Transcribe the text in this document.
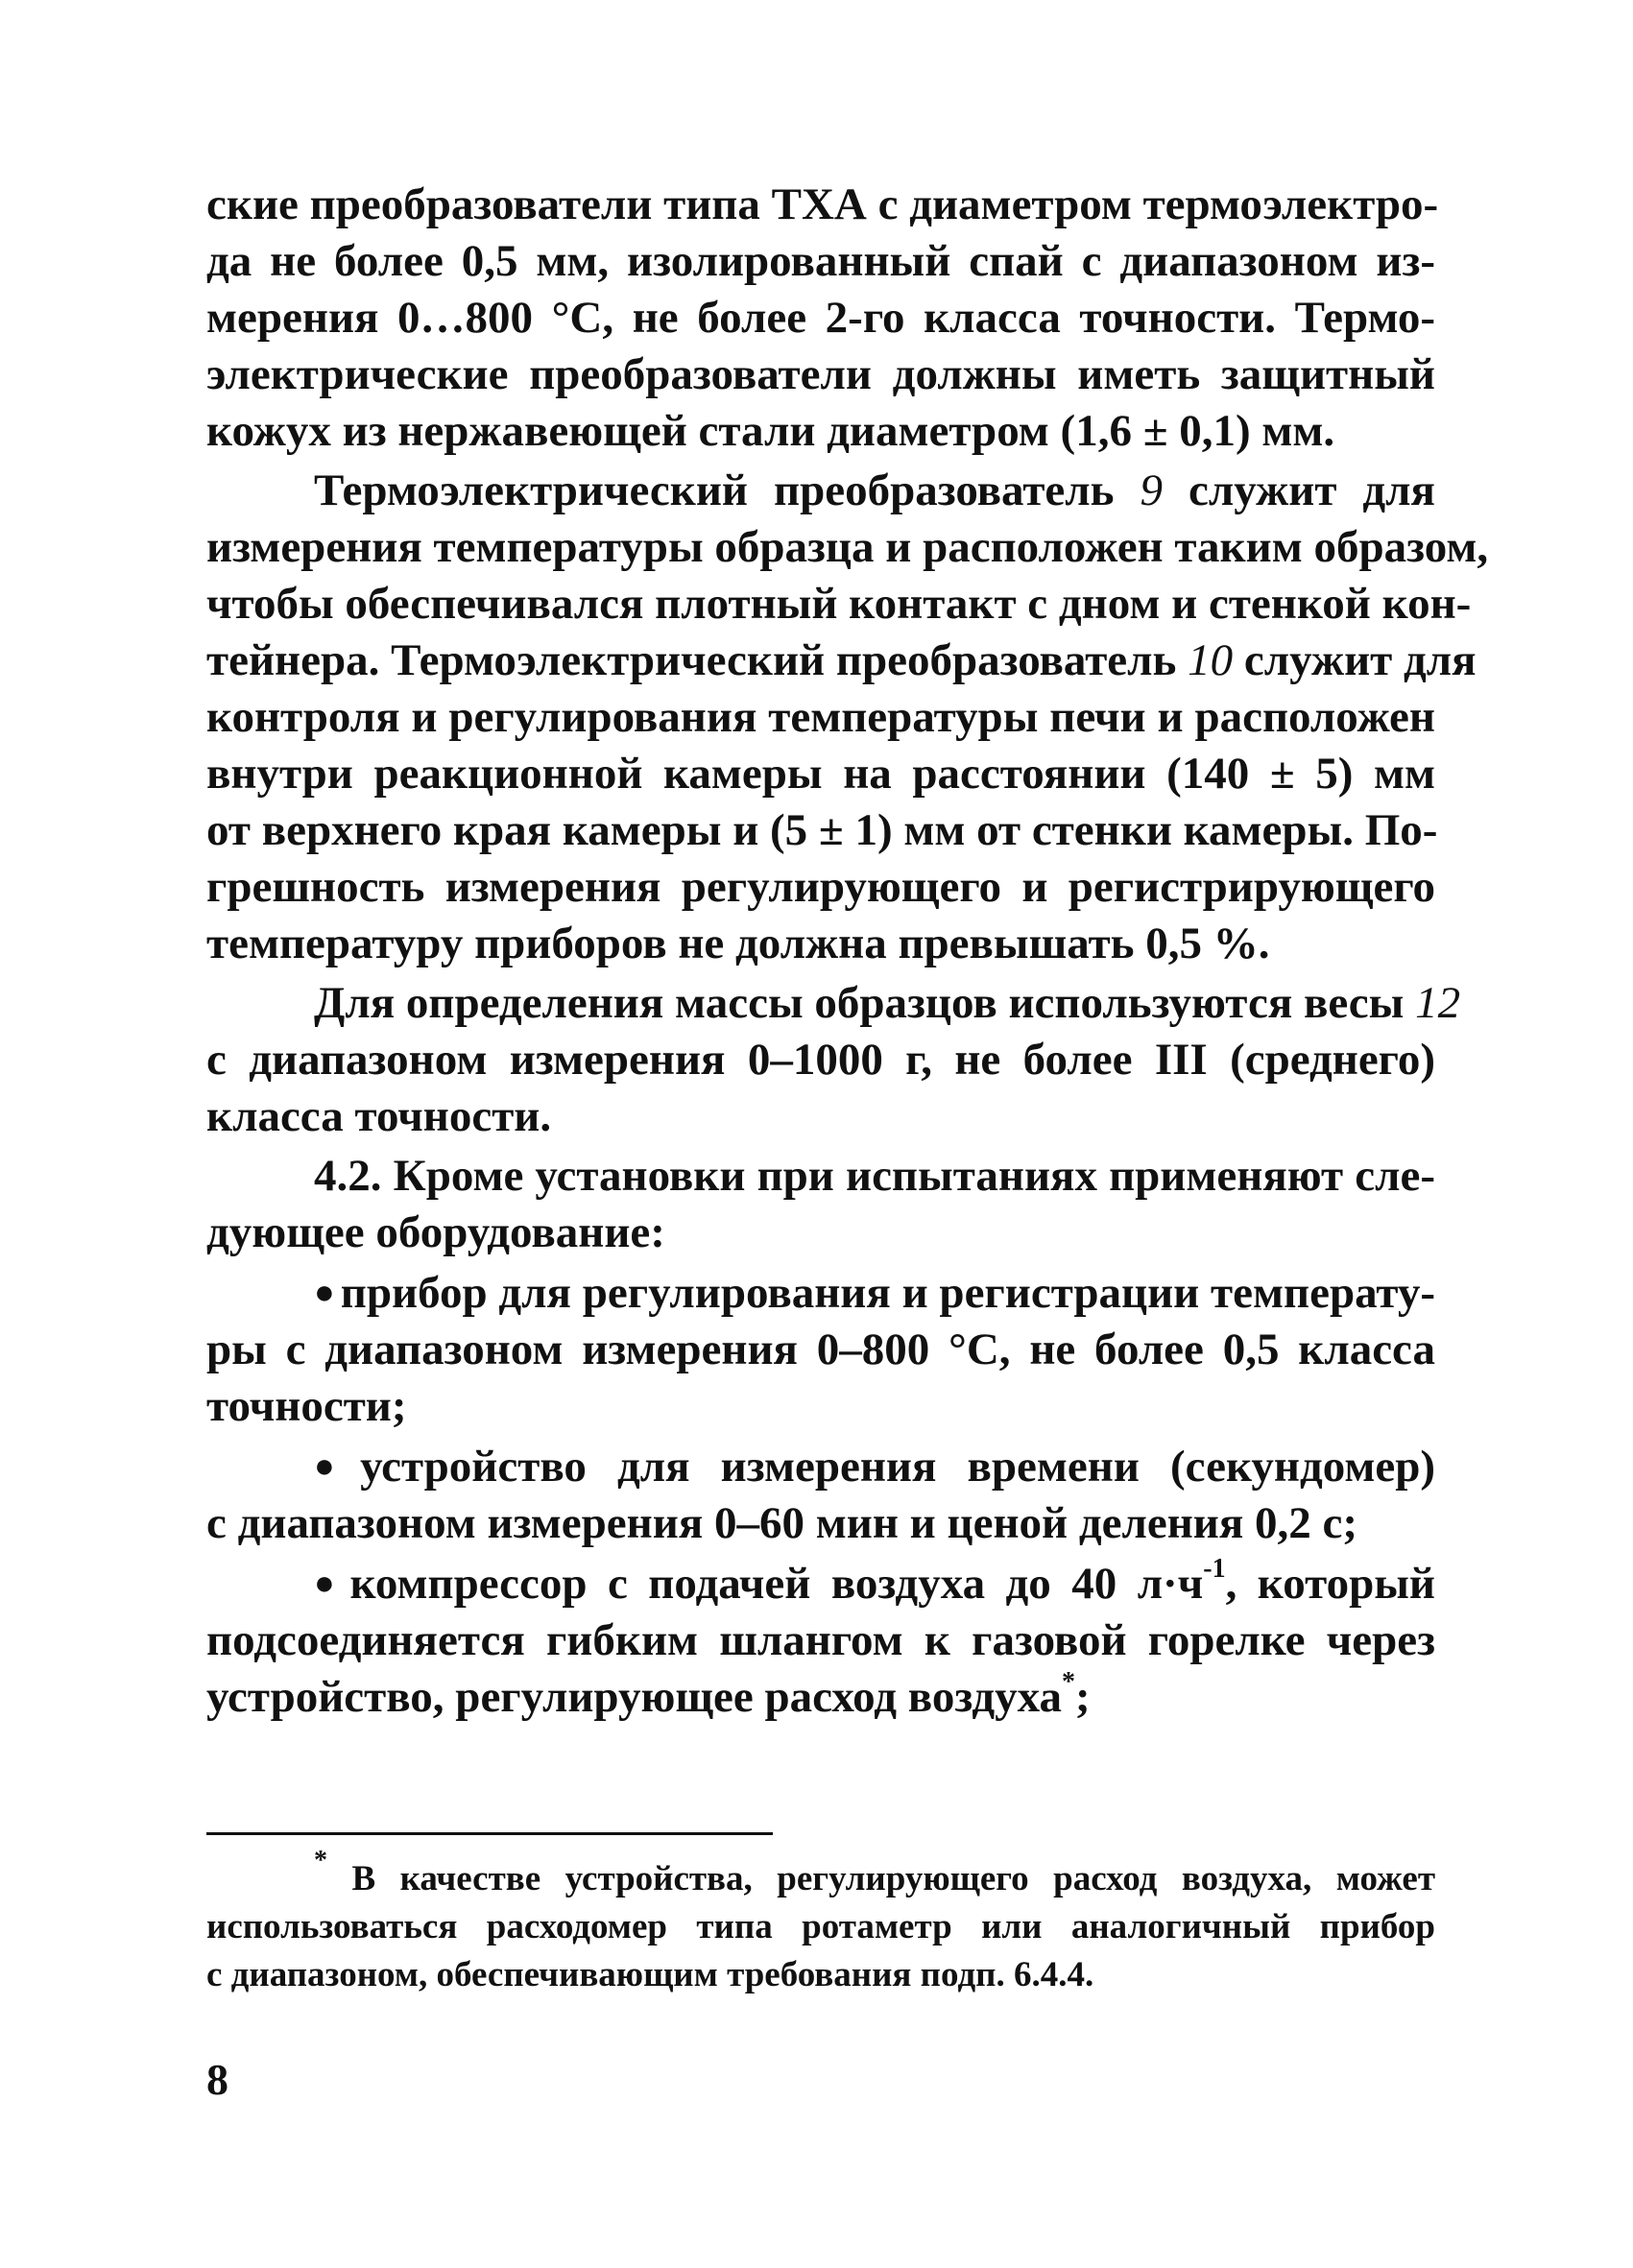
ские преобразователи типа ТХА с диаметром термоэлектро-
да не более 0,5 мм, изолированный спай с диапазоном из-
мерения 0…800 °С, не более 2-го класса точности. Термо-
электрические преобразователи должны иметь защитный
кожух из нержавеющей стали диаметром (1,6 ± 0,1) мм.
Термоэлектрический преобразователь 9 служит для
измерения температуры образца и расположен таким образом,
чтобы обеспечивался плотный контакт с дном и стенкой кон-
тейнера. Термоэлектрический преобразователь 10 служит для
контроля и регулирования температуры печи и расположен
внутри реакционной камеры на расстоянии (140 ± 5) мм
от верхнего края камеры и (5 ± 1) мм от стенки камеры. По-
грешность измерения регулирующего и регистрирующего
температуру приборов не должна превышать 0,5 %.
Для определения массы образцов используются весы 12
с диапазоном измерения 0–1000 г, не более III (среднего)
класса точности.
4.2. Кроме установки при испытаниях применяют сле-
дующее оборудование:
● прибор для регулирования и регистрации температу-
ры с диапазоном измерения 0–800 °С, не более 0,5 класса
точности;
● устройство для измерения времени (секундомер)
с диапазоном измерения 0–60 мин и ценой деления 0,2 с;
● компрессор с подачей воздуха до 40 $л\cdot ч^{-1}$, который
подсоединяется гибким шлангом к газовой горелке через
устройство, регулирующее расход воздуха*;
* В качестве устройства, регулирующего расход воздуха, может
использоваться расходомер типа ротаметр или аналогичный прибор
с диапазоном, обеспечивающим требования подп. 6.4.4.
8
